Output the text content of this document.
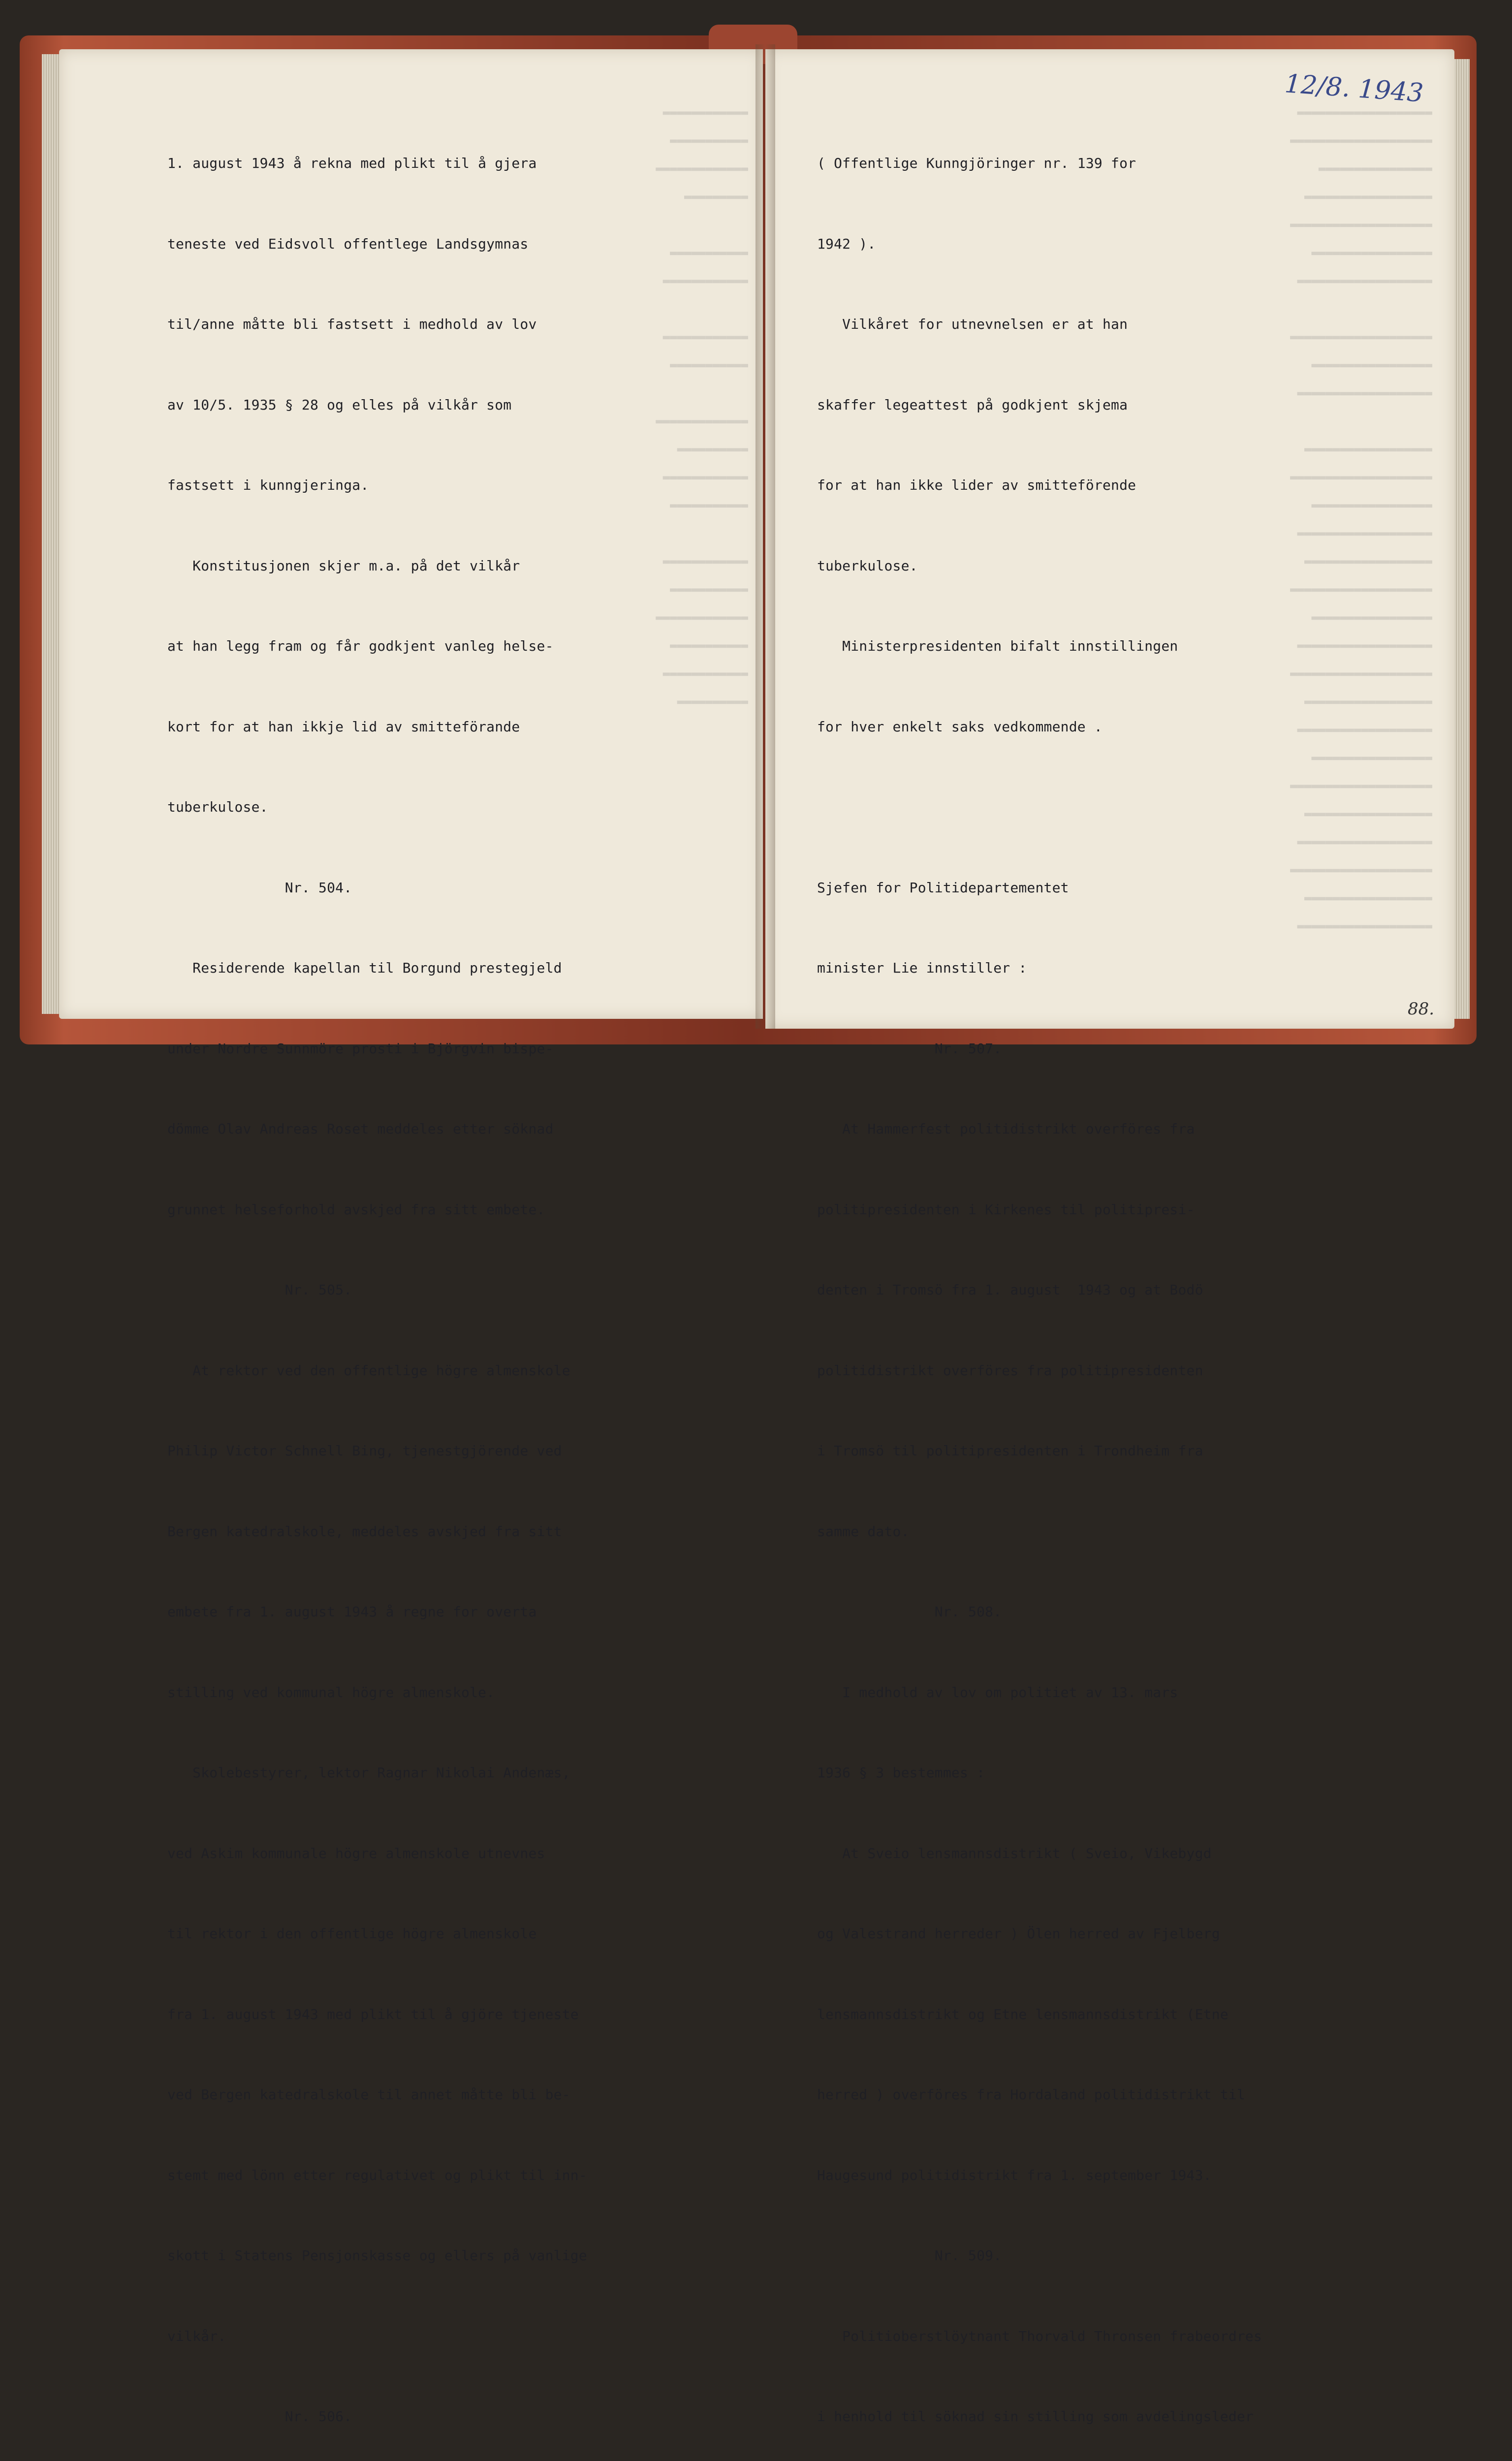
▬▬▬▬▬▬▬▬▬▬▬▬
▬▬▬▬▬▬▬▬▬▬▬
▬▬▬▬▬▬▬▬▬▬▬▬▬
▬▬▬▬▬▬▬▬▬

▬▬▬▬▬▬▬▬▬▬▬
▬▬▬▬▬▬▬▬▬▬▬▬

▬▬▬▬▬▬▬▬▬▬▬▬
▬▬▬▬▬▬▬▬▬▬▬

▬▬▬▬▬▬▬▬▬▬▬▬▬
▬▬▬▬▬▬▬▬▬▬
▬▬▬▬▬▬▬▬▬▬▬▬
▬▬▬▬▬▬▬▬▬▬▬

▬▬▬▬▬▬▬▬▬▬▬▬
▬▬▬▬▬▬▬▬▬▬▬
▬▬▬▬▬▬▬▬▬▬▬▬▬
▬▬▬▬▬▬▬▬▬▬▬
▬▬▬▬▬▬▬▬▬▬▬▬
▬▬▬▬▬▬▬▬▬▬
▬▬▬▬▬▬▬▬▬▬▬▬▬▬▬▬▬▬▬
▬▬▬▬▬▬▬▬▬▬▬▬▬▬▬▬▬▬▬▬
▬▬▬▬▬▬▬▬▬▬▬▬▬▬▬▬
▬▬▬▬▬▬▬▬▬▬▬▬▬▬▬▬▬▬
▬▬▬▬▬▬▬▬▬▬▬▬▬▬▬▬▬▬▬▬
▬▬▬▬▬▬▬▬▬▬▬▬▬▬▬▬▬
▬▬▬▬▬▬▬▬▬▬▬▬▬▬▬▬▬▬▬

▬▬▬▬▬▬▬▬▬▬▬▬▬▬▬▬▬▬▬▬
▬▬▬▬▬▬▬▬▬▬▬▬▬▬▬▬▬
▬▬▬▬▬▬▬▬▬▬▬▬▬▬▬▬▬▬▬

▬▬▬▬▬▬▬▬▬▬▬▬▬▬▬▬▬▬
▬▬▬▬▬▬▬▬▬▬▬▬▬▬▬▬▬▬▬▬
▬▬▬▬▬▬▬▬▬▬▬▬▬▬▬▬▬
▬▬▬▬▬▬▬▬▬▬▬▬▬▬▬▬▬▬▬
▬▬▬▬▬▬▬▬▬▬▬▬▬▬▬▬▬▬
▬▬▬▬▬▬▬▬▬▬▬▬▬▬▬▬▬▬▬▬
▬▬▬▬▬▬▬▬▬▬▬▬▬▬▬▬▬
▬▬▬▬▬▬▬▬▬▬▬▬▬▬▬▬▬▬▬
▬▬▬▬▬▬▬▬▬▬▬▬▬▬▬▬▬▬▬▬
▬▬▬▬▬▬▬▬▬▬▬▬▬▬▬▬▬▬
▬▬▬▬▬▬▬▬▬▬▬▬▬▬▬▬▬▬▬
▬▬▬▬▬▬▬▬▬▬▬▬▬▬▬▬▬
▬▬▬▬▬▬▬▬▬▬▬▬▬▬▬▬▬▬▬▬
▬▬▬▬▬▬▬▬▬▬▬▬▬▬▬▬▬▬
▬▬▬▬▬▬▬▬▬▬▬▬▬▬▬▬▬▬▬
▬▬▬▬▬▬▬▬▬▬▬▬▬▬▬▬▬▬▬▬
▬▬▬▬▬▬▬▬▬▬▬▬▬▬▬▬▬▬
▬▬▬▬▬▬▬▬▬▬▬▬▬▬▬▬▬▬▬

1. august 1943 å rekna med plikt til å gjera

teneste ved Eidsvoll offentlege Landsgymnas

til/anne måtte bli fastsett i medhold av lov

av 10/5. 1935 § 28 og elles på vilkår som

fastsett i kunngjeringa.

Konstitusjonen skjer m.a. på det vilkår

at han legg fram og får godkjent vanleg helse-

kort for at han ikkje lid av smitteförande

tuberkulose.

Nr. 504.

Residerende kapellan til Borgund prestegjeld

under Nordre Sunnmöre prosti i Björgvin bispe-

dömme Olav Andreas Roset meddeles etter söknad

grunnet helseforhold avskjed fra sitt embete.

Nr. 505.

At rektor ved den offentlige högre almenskole

Philip Victor Schnell Bing, tjenestgjörende ved

Bergen katedralskole, meddeles avskjed fra sitt

embete fra 1. august 1943 å regne for overta

stilling ved kommunal högre almenskole.

Skolebestyrer, lektor Ragnar Nikolai Andenæs,

ved Askim kommunale högre almenskole utnevnes

til rektor i den offentlige högre almenskole

fra 1. august 1943 med plikt til å gjöre tjeneste

ved Bergen katedralskole til annet måtte bli be-

stemt med lönn etter regulativet og plikt til inn-

skott i Statens Pensjonskasse og ellers på vanlige

vilkår.

Nr. 506.

( Offentlige Kunngjöringer nr. 139 for

1942 ).

Vilkåret for utnevnelsen er at han

skaffer legeattest på godkjent skjema

for at han ikke lider av smitteförende

tuberkulose.

Ministerpresidenten bifalt innstillingen

for hver enkelt saks vedkommende .

Sjefen for Politidepartementet

minister Lie innstiller :

Nr. 507.

At Hammerfest politidistrikt overföres fra

politipresidenten i Kirkenes til politipresi-

denten i Tromsö fra 1. august  1943 og at Bodö

politidistrikt overföres fra politipresidenten

i Tromsö til politipresidenten i Trondheim fra

samme dato.

Nr. 508.

I medhold av lov om politiet av 13. mars

1936 § 3 bestemmes :

At Sveio lensmannsdistrikt ( Sveio, Vikebygd

og Valestrand herreder ) Ölen herred av Fjelberg

lensmannsdistrikt og Etne lensmannsdistrikt (Etne

herred ) overföres fra Hordaland politidistrikt til

Haugesund politidistrikt fra 1. september 1943.

Nr. 509.

Politioberstlöytnant Thorvald Thronsen frabeordres

i henhold til söknad sin stilling som avdelingsleder

12/8. 1943
88.
